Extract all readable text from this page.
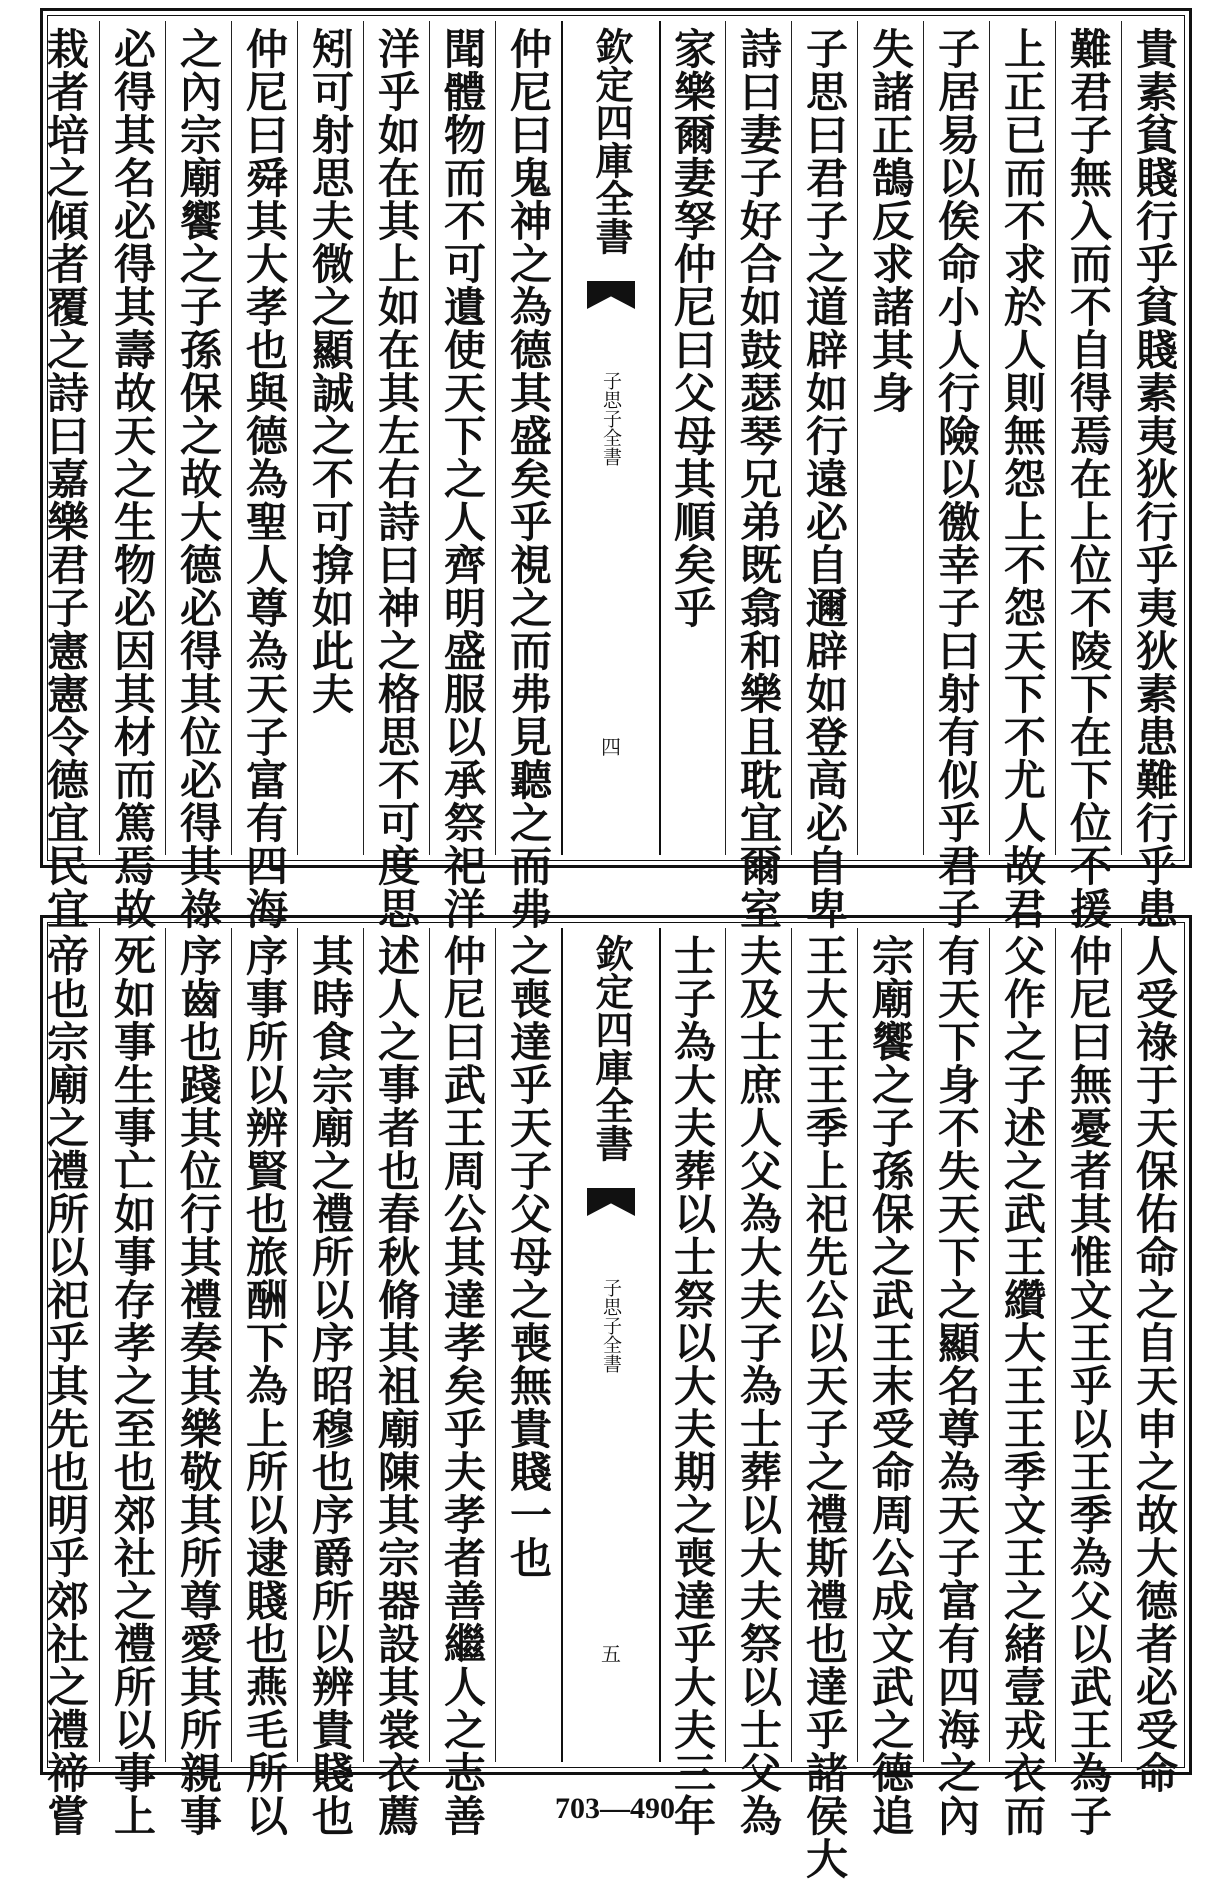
貴素貧賤行乎貧賤素夷狄行乎夷狄素患難行乎患
難君子無入而不自得焉在上位不陵下在下位不援
上正已而不求於人則無怨上不怨天下不尤人故君
子居易以俟命小人行險以徼幸子曰射有似乎君子
失諸正鵠反求諸其身
子思曰君子之道辟如行遠必自邇辟如登高必自卑
詩曰妻子好合如鼓瑟琴兄弟既翕和樂且耽宜爾室
家樂爾妻孥仲尼曰父母其順矣乎
欽定四庫全書
子思子全書
四
仲尼曰鬼神之為德其盛矣乎視之而弗見聽之而弗
聞體物而不可遺使天下之人齊明盛服以承祭祀洋
洋乎如在其上如在其左右詩曰神之格思不可度思
矧可射思夫微之顯誠之不可揜如此夫
仲尼曰舜其大孝也與德為聖人尊為天子富有四海
之內宗廟饗之子孫保之故大德必得其位必得其祿
必得其名必得其壽故天之生物必因其材而篤焉故
栽者培之傾者覆之詩曰嘉樂君子憲憲令德宜民宜
人受祿于天保佑命之自天申之故大德者必受命
仲尼曰無憂者其惟文王乎以王季為父以武王為子
父作之子述之武王纘大王王季文王之緒壹戎衣而
有天下身不失天下之顯名尊為天子富有四海之內
宗廟饗之子孫保之武王末受命周公成文武之德追
王大王王季上祀先公以天子之禮斯禮也達乎諸侯大
夫及士庶人父為大夫子為士葬以大夫祭以士父為
士子為大夫葬以士祭以大夫期之喪達乎大夫三年
欽定四庫全書
子思子全書
五
之喪達乎天子父母之喪無貴賤一也
仲尼曰武王周公其達孝矣乎夫孝者善繼人之志善
述人之事者也春秋脩其祖廟陳其宗器設其裳衣薦
其時食宗廟之禮所以序昭穆也序爵所以辨貴賤也
序事所以辨賢也旅酬下為上所以逮賤也燕毛所以
序齒也踐其位行其禮奏其樂敬其所尊愛其所親事
死如事生事亡如事存孝之至也郊社之禮所以事上
帝也宗廟之禮所以祀乎其先也明乎郊社之禮禘嘗	703—490
